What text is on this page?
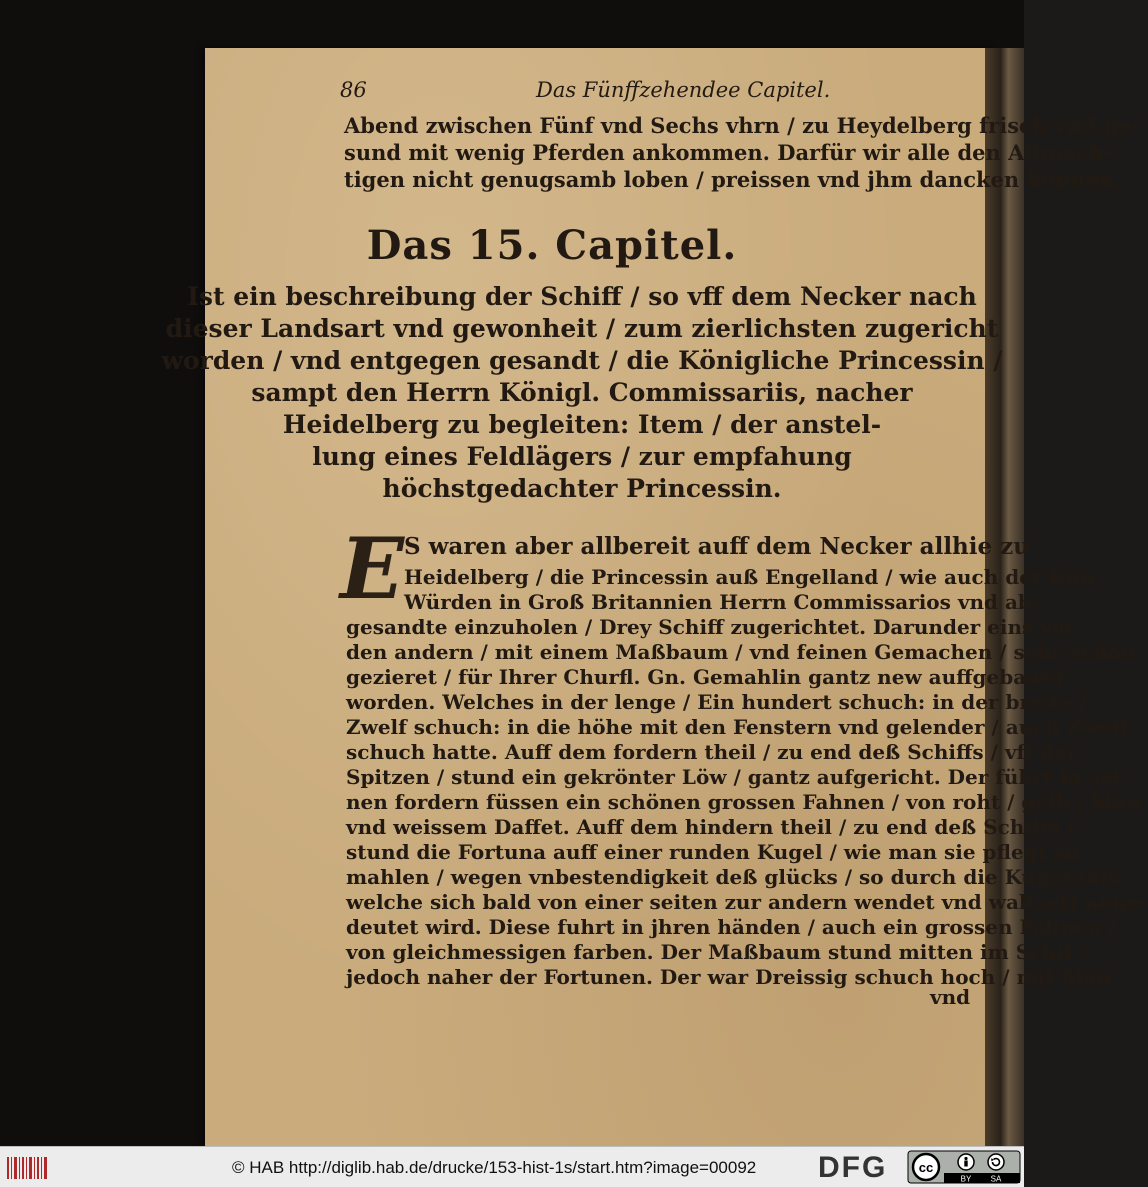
86	Das Fünffzehendee Capitel.
Abend zwischen Fünf vnd Sechs vhrn / zu Heydelberg frisch vnd ge-
sund mit wenig Pferden ankommen. Darfür wir alle den Allmech-
tigen nicht genugsamb loben / preissen vnd jhm dancken können.
Das 15. Capitel.
Ist ein beschreibung der Schiff / so vff dem Necker nach
dieser Landsart vnd gewonheit / zum zierlichsten zugericht
worden / vnd entgegen gesandt / die Königliche Princessin /
sampt den Herrn Königl. Commissariis, nacher
Heidelberg zu begleiten: Item / der anstel-
lung eines Feldlägers / zur empfahung
höchstgedachter Princessin.
E S waren aber allbereit auff dem Necker allhie zu
Heidelberg / die Princessin auß Engelland / wie auch der Kön.
Würden in Groß Britannien Herrn Commissarios vnd ab-
gesandte einzuholen / Drey Schiff zugerichtet. Darunder eins vor
den andern / mit einem Maßbaum / vnd feinen Gemachen / sehr schön
gezieret / für Ihrer Churfl. Gn. Gemahlin gantz new auffgebawet
worden. Welches in der lenge / Ein hundert schuch: in der breite /
Zwelf schuch: in die höhe mit den Fenstern vnd gelender / auch Zwelf
schuch hatte. Auff dem fordern theil / zu end deß Schiffs / vff der
Spitzen / stund ein gekrönter Löw / gantz aufgericht. Der führt in sei-
nen fordern füssen ein schönen grossen Fahnen / von roht / gelb / blaw
vnd weissem Daffet. Auff dem hindern theil / zu end deß Schiffs /
stund die Fortuna auff einer runden Kugel / wie man sie pflegt zu
mahlen / wegen vnbestendigkeit deß glücks / so durch die Kugel (als
welche sich bald von einer seiten zur andern wendet vnd waltzet) ange-
deutet wird. Diese fuhrt in jhren händen / auch ein grossen Fahnen /
von gleichmessigen farben. Der Maßbaum stund mitten im Schif /
jedoch naher der Fortunen. Der war Dreissig schuch hoch / mit blaw
vnd
© HAB http://diglib.hab.de/drucke/153-hist-1s/start.htm?image=00092 DFG cc
BY SA
